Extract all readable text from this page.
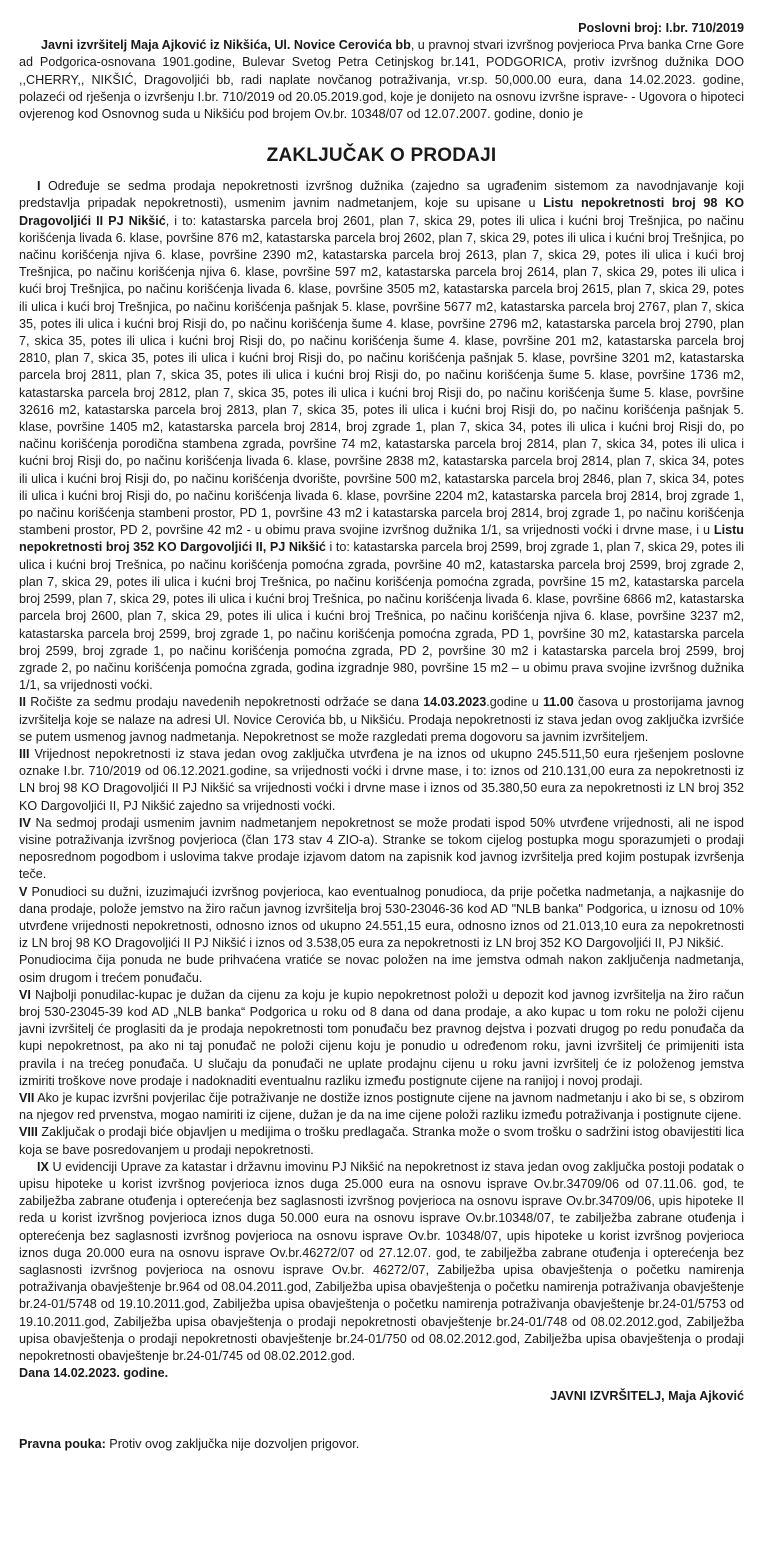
Poslovni broj: I.br. 710/2019

Javni izvršitelj Maja Ajković iz Nikšića, Ul. Novice Cerovića bb, u pravnoj stvari izvršnog povjerioca Prva banka Crne Gore ad Podgorica-osnovana 1901.godine, Bulevar Svetog Petra Cetinjskog br.141, PODGORICA, protiv izvršnog dužnika DOO ,,CHERRY,, NIKŠIĆ, Dragovoljići bb, radi naplate novčanog potraživanja, vr.sp. 50,000.00 eura, dana 14.02.2023. godine, polazeći od rješenja o izvršenju I.br. 710/2019 od 20.05.2019.god, koje je donijeto na osnovu izvršne isprave- - Ugovora o hipoteci ovjerenog kod Osnovnog suda u Nikšiću pod brojem Ov.br. 10348/07 od 12.07.2007. godine, donio je

ZAKLJUČAK O PRODAJI

I Određuje se sedma prodaja nepokretnosti izvršnog dužnika (zajedno sa ugrađenim sistemom za navodnjavanje koji predstavlja pripadak nepokretnosti), usmenim javnim nadmetanjem, koje su upisane u Listu nepokretnosti broj 98 KO Dragovoljići II PJ Nikšić, i to: katastarska parcela broj 2601, plan 7, skica 29, potes ili ulica i kućni broj Trešnjica, po načinu korišćenja livada 6. klase, površine 876 m2, katastarska parcela broj 2602, plan 7, skica 29, potes ili ulica i kućni broj Trešnjica, po načinu korišćenja njiva 6. klase, površine 2390 m2, katastarska parcela broj 2613, plan 7, skica 29, potes ili ulica i kući broj Trešnjica, po načinu korišćenja njiva 6. klase, površine 597 m2, katastarska parcela broj 2614, plan 7, skica 29, potes ili ulica i kući broj Trešnjica, po načinu korišćenja livada 6. klase, površine 3505 m2, katastarska parcela broj 2615, plan 7, skica 29, potes ili ulica i kući broj Trešnjica, po načinu korišćenja pašnjak 5. klase, površine 5677 m2, katastarska parcela broj 2767, plan 7, skica 35, potes ili ulica i kućni broj Risji do, po načinu korišćenja šume 4. klase, površine 2796 m2, katastarska parcela broj 2790, plan 7, skica 35, potes ili ulica i kućni broj Risji do, po načinu korišćenja šume 4. klase, površine 201 m2, katastarska parcela broj 2810, plan 7, skica 35, potes ili ulica i kućni broj Risji do, po načinu korišćenja pašnjak 5. klase, površine 3201 m2, katastarska parcela broj 2811, plan 7, skica 35, potes ili ulica i kućni broj Risji do, po načinu korišćenja šume 5. klase, površine 1736 m2, katastarska parcela broj 2812, plan 7, skica 35, potes ili ulica i kućni broj Risji do, po načinu korišćenja šume 5. klase, površine 32616 m2, katastarska parcela broj 2813, plan 7, skica 35, potes ili ulica i kućni broj Risji do, po načinu korišćenja pašnjak 5. klase, površine 1405 m2, katastarska parcela broj 2814, broj zgrade 1, plan 7, skica 34, potes ili ulica i kućni broj Risji do, po načinu korišćenja porodična stambena zgrada, površine 74 m2, katastarska parcela broj 2814, plan 7, skica 34, potes ili ulica i kućni broj Risji do, po načinu korišćenja livada 6. klase, površine 2838 m2, katastarska parcela broj 2814, plan 7, skica 34, potes ili ulica i kućni broj Risji do, po načinu korišćenja dvorište, površine 500 m2, katastarska parcela broj 2846, plan 7, skica 34, potes ili ulica i kućni broj Risji do, po načinu korišćenja livada 6. klase, površine 2204 m2, katastarska parcela broj 2814, broj zgrade 1, po načinu korišćenja stambeni prostor, PD 1, površine 43 m2 i katastarska parcela broj 2814, broj zgrade 1, po načinu korišćenja stambeni prostor, PD 2, površine 42 m2 - u obimu prava svojine izvršnog dužnika 1/1, sa vrijednosti voćki i drvne mase, i u Listu nepokretnosti broj 352 KO Dargovoljići II, PJ Nikšić i to: katastarska parcela broj 2599, broj zgrade 1, plan 7, skica 29, potes ili ulica i kućni broj Trešnica, po načinu korišćenja pomoćna zgrada, površine 40 m2, katastarska parcela broj 2599, broj zgrade 2, plan 7, skica 29, potes ili ulica i kućni broj Trešnica, po načinu korišćenja pomoćna zgrada, površine 15 m2, katastarska parcela broj 2599, plan 7, skica 29, potes ili ulica i kućni broj Trešnica, po načinu korišćenja livada 6. klase, površine 6866 m2, katastarska parcela broj 2600, plan 7, skica 29, potes ili ulica i kućni broj Trešnica, po načinu korišćenja njiva 6. klase, površine 3237 m2, katastarska parcela broj 2599, broj zgrade 1, po načinu korišćenja pomoćna zgrada, PD 1, površine 30 m2, katastarska parcela broj 2599, broj zgrade 1, po načinu korišćenja pomoćna zgrada, PD 2, površine 30 m2 i katastarska parcela broj 2599, broj zgrade 2, po načinu korišćenja pomoćna zgrada, godina izgradnje 980, površine 15 m2 – u obimu prava svojine izvršnog dužnika 1/1, sa vrijednosti voćki.

II Ročište za sedmu prodaju navedenih nepokretnosti održaće se dana 14.03.2023.godine u 11.00 časova u prostorijama javnog izvršitelja koje se nalaze na adresi Ul. Novice Cerovića bb, u Nikšiću. Prodaja nepokretnosti iz stava jedan ovog zaključka izvršiće se putem usmenog javnog nadmetanja. Nepokretnost se može razgledati prema dogovoru sa javnim izvršiteljem.

III Vrijednost nepokretnosti iz stava jedan ovog zaključka utvrđena je na iznos od ukupno 245.511,50 eura rješenjem poslovne oznake I.br. 710/2019 od 06.12.2021.godine, sa vrijednosti voćki i drvne mase, i to: iznos od 210.131,00 eura za nepokretnosti iz LN broj 98 KO Dragovoljići II PJ Nikšić sa vrijednosti voćki i drvne mase i iznos od 35.380,50 eura za nepokretnosti iz LN broj 352 KO Dargovoljići II, PJ Nikšić zajedno sa vrijednosti voćki.

IV Na sedmoj prodaji usmenim javnim nadmetanjem nepokretnost se može prodati ispod 50% utvrđene vrijednosti, ali ne ispod visine potraživanja izvršnog povjerioca (član 173 stav 4 ZIO-a). Stranke se tokom cijelog postupka mogu sporazumjeti o prodaji neposrednom pogodbom i uslovima takve prodaje izjavom datom na zapisnik kod javnog izvršitelja pred kojim postupak izvršenja teče.

V Ponudioci su dužni, izuzimajući izvršnog povjerioca, kao eventualnog ponudioca, da prije početka nadmetanja, a najkasnije do dana prodaje, polože jemstvo na žiro račun javnog izvršitelja broj 530-23046-36 kod AD "NLB banka" Podgorica, u iznosu od 10% utvrđene vrijednosti nepokretnosti, odnosno iznos od ukupno 24.551,15 eura, odnosno iznos od 21.013,10 eura za nepokretnosti iz LN broj 98 KO Dragovoljići II PJ Nikšić i iznos od 3.538,05 eura za nepokretnosti iz LN broj 352 KO Dargovoljići II, PJ Nikšić.

Ponudiocima čija ponuda ne bude prihvaćena vratiće se novac položen na ime jemstva odmah nakon zaključenja nadmetanja, osim drugom i trećem ponuđaču.

VI Najbolji ponudilac-kupac je dužan da cijenu za koju je kupio nepokretnost položi u depozit kod javnog izvršitelja na žiro račun broj 530-23045-39 kod AD „NLB banka“ Podgorica u roku od 8 dana od dana prodaje, a ako kupac u tom roku ne položi cijenu javni izvršitelj će proglasiti da je prodaja nepokretnosti tom ponuđaču bez pravnog dejstva i pozvati drugog po redu ponuđača da kupi nepokretnost, pa ako ni taj ponuđač ne položi cijenu koju je ponudio u određenom roku, javni izvršitelj će primijeniti ista pravila i na trećeg ponuđača. U slučaju da ponuđači ne uplate prodajnu cijenu u roku javni izvršitelj će iz položenog jemstva izmiriti troškove nove prodaje i nadoknaditi eventualnu razliku između postignute cijene na ranijoj i novoj prodaji.

VII Ako je kupac izvršni povjerilac čije potraživanje ne dostiže iznos postignute cijene na javnom nadmetanju i ako bi se, s obzirom na njegov red prvenstva, mogao namiriti iz cijene, dužan je da na ime cijene položi razliku između potraživanja i postignute cijene.

VIII Zaključak o prodaji biće objavljen u medijima o trošku predlagača. Stranka može o svom trošku o sadržini istog obavijestiti lica koja se bave posredovanjem u prodaji nepokretnosti.

IX U evidenciji Uprave za katastar i državnu imovinu PJ Nikšić na nepokretnost iz stava jedan ovog zaključka postoji podatak o upisu hipoteke u korist izvršnog povjerioca iznos duga 25.000 eura na osnovu isprave Ov.br.34709/06 od 07.11.06. god, te zabilježba zabrane otuđenja i opterećenja bez saglasnosti izvršnog povjerioca na osnovu isprave Ov.br.34709/06, upis hipoteke II reda u korist izvršnog povjerioca iznos duga 50.000 eura na osnovu isprave Ov.br.10348/07, te zabilježba zabrane otuđenja i opterećenja bez saglasnosti izvršnog povjerioca na osnovu isprave Ov.br. 10348/07, upis hipoteke u korist izvršnog povjerioca iznos duga 20.000 eura na osnovu isprave Ov.br.46272/07 od 27.12.07. god, te zabilježba zabrane otuđenja i opterećenja bez saglasnosti izvršnog povjerioca na osnovu isprave Ov.br. 46272/07, Zabilježba upisa obavještenja o početku namirenja potraživanja obavještenje br.964 od 08.04.2011.god, Zabilježba upisa obavještenja o početku namirenja potraživanja obavještenje br.24-01/5748 od 19.10.2011.god, Zabilježba upisa obavještenja o početku namirenja potraživanja obavještenje br.24-01/5753 od 19.10.2011.god, Zabilježba upisa obavještenja o prodaji nepokretnosti obavještenje br.24-01/748 od 08.02.2012.god, Zabilježba upisa obavještenja o prodaji nepokretnosti obavještenje br.24-01/750 od 08.02.2012.god, Zabilježba upisa obavještenja o prodaji nepokretnosti obavještenje br.24-01/745 od 08.02.2012.god.

Dana 14.02.2023. godine.

JAVNI IZVRŠITELJ, Maja Ajković

Pravna pouka: Protiv ovog zaključka nije dozvoljen prigovor.
